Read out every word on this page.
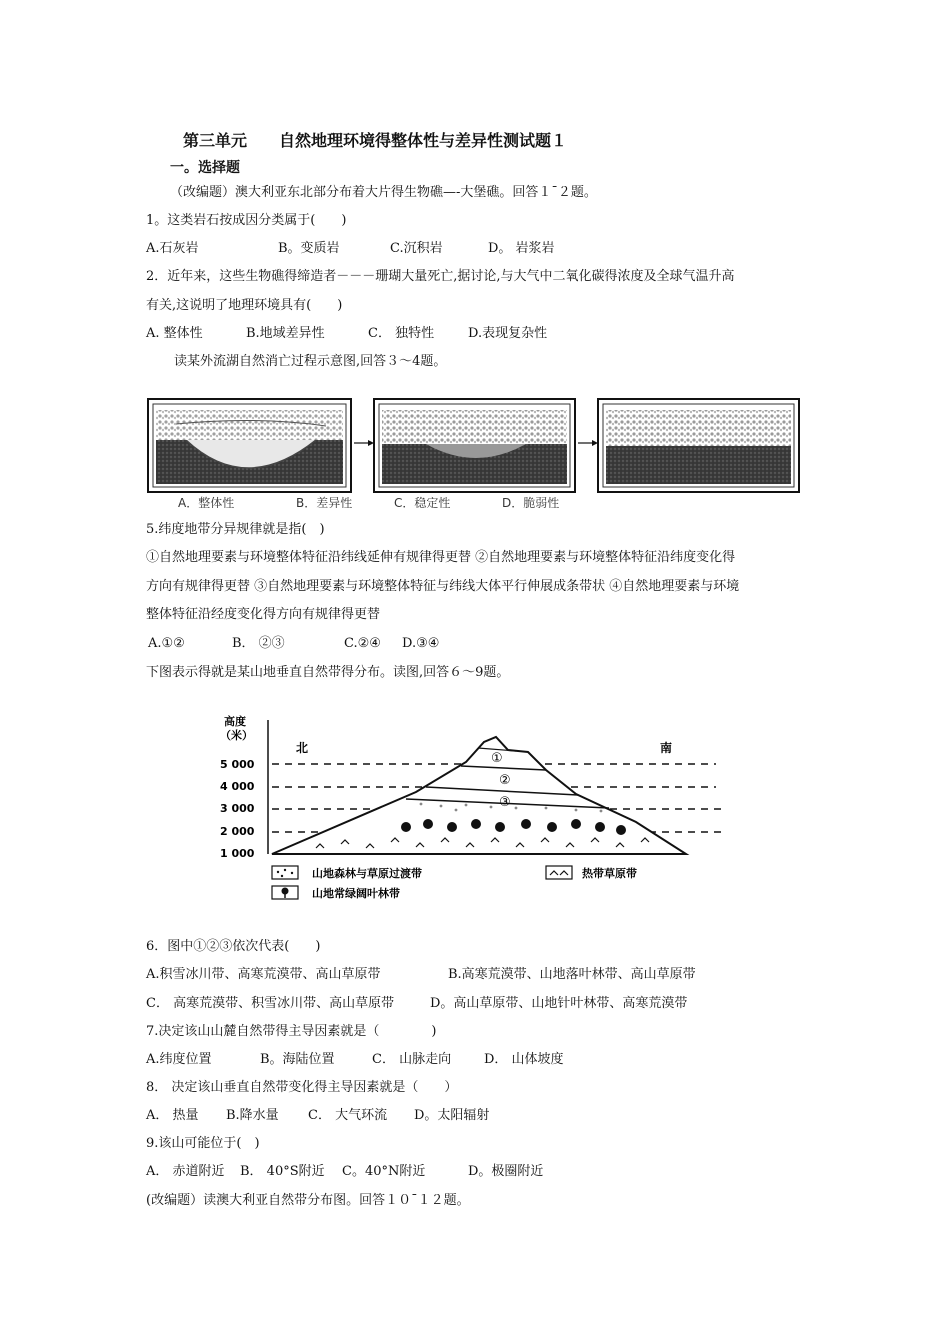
第三单元　　自然地理环境得整体性与差异性测试题１
一。选择题
（改编题）澳大利亚东北部分布着大片得生物礁—-大堡礁。回答１¯２题。
1。这类岩石按成因分类属于(　　)
A.石灰岩	B。变质岩	C.沉积岩	D。 岩浆岩
2．近年来，这些生物礁得缔造者－－－珊瑚大量死亡,据讨论,与大气中二氧化碳得浓度及全球气温升高
有关,这说明了地理环境具有(　　)
A. 整体性	B.地域差异性	C． 独特性	D.表现复杂性
读某外流湖自然消亡过程示意图,回答３～4题。
A．整体性	B．差异性	C．稳定性	D．脆弱性
5.纬度地带分异规律就是指(　)
①自然地理要素与环境整体特征沿纬线延伸有规律得更替 ②自然地理要素与环境整体特征沿纬度变化得
方向有规律得更替 ③自然地理要素与环境整体特征与纬线大体平行伸展成条带状 ④自然地理要素与环境
整体特征沿经度变化得方向有规律得更替
A.①②	B． ②③	C.②④ D.③④
下图表示得就是某山地垂直自然带得分布。读图,回答６～9题。
高度
（米）
北	南
5 000
4 000
3 000
2 000
1 000
①
②
③
山地森林与草原过渡带	热带草原带
山地常绿阔叶林带
6．图中①②③依次代表(　　)
A.积雪冰川带、高寒荒漠带、高山草原带	B.高寒荒漠带、山地落叶林带、高山草原带
C． 高寒荒漠带、积雪冰川带、高山草原带	D。高山草原带、山地针叶林带、高寒荒漠带
7.决定该山山麓自然带得主导因素就是（　　　　)
A.纬度位置	B。海陆位置	C． 山脉走向	D． 山体坡度
8． 决定该山垂直自然带变化得主导因素就是（　　）
A． 热量 B.降水量 C． 大气环流 D。太阳辐射
9.该山可能位于(　)
A． 赤道附近 B． 40°S附近 C。40°N附近	D。极圈附近
(改编题）读澳大利亚自然带分布图。回答１０¯１２题。
